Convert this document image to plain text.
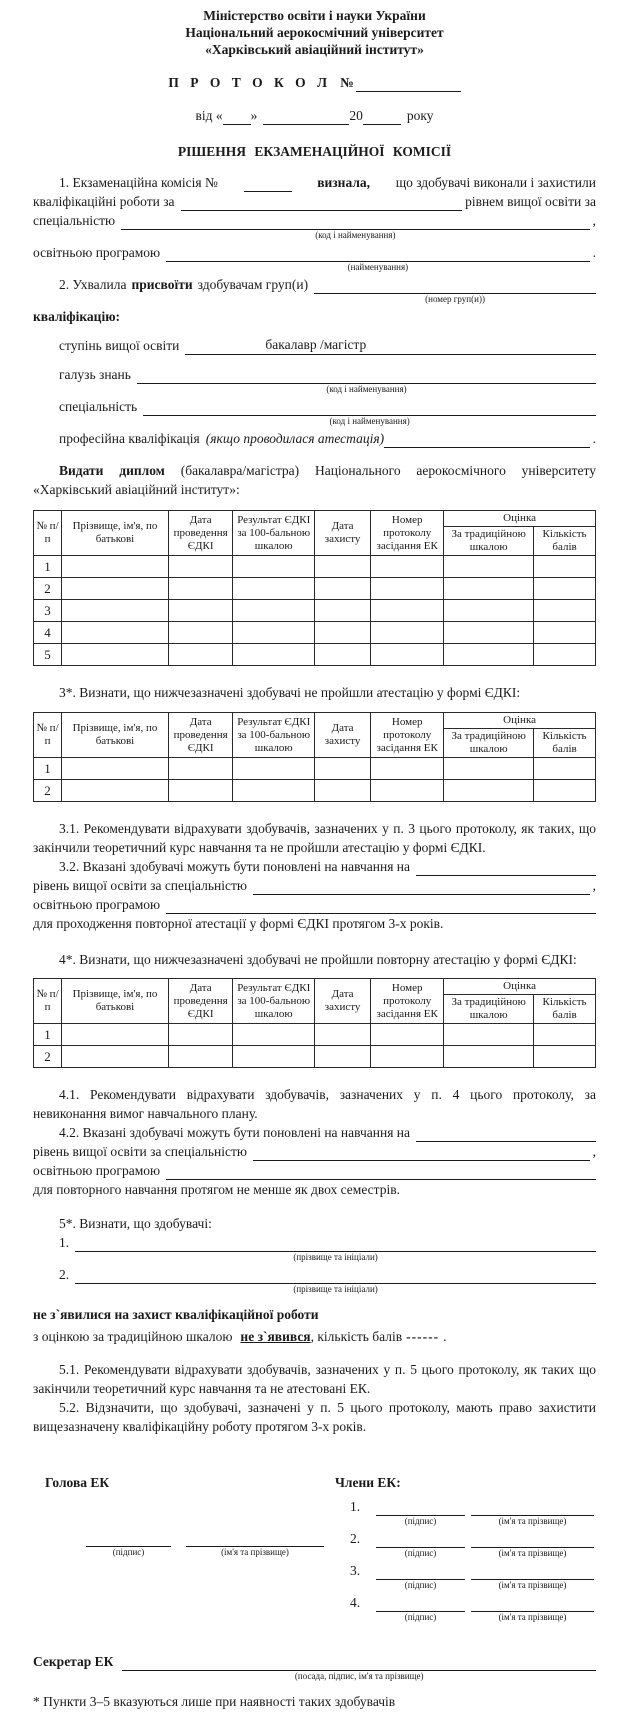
Міністерство освіти і науки України
Національний аерокосмічний університет
«Харківський авіаційний інститут»
П Р О Т О К О Л №
від « »	20	року
РІШЕННЯ ЕКЗАМЕНАЦІЙНОЇ КОМІСІЇ
1. Екзаменаційна комісія №	визнала, що здобувачі виконали і захистили
кваліфікаційні роботи за	рівнем вищої освіти за
спеціальністю
(код і найменування)
,
освітньою програмою
(найменування)
.
2. Ухвалила присвоїти здобувачам груп(и)
(номер груп(и))

кваліфікацію:

ступінь вищої освіти	бакалавр /магістр
галузь знань
(код і найменування)
спеціальність
(код і найменування)
професійна кваліфікація (якщо проводилася атестація)	.

Видати диплом (бакалавра/магістра) Національного аерокосмічного університету «Харківський авіаційний інститут»:

№ п/п	Прізвище, ім'я, по батькові	Дата проведення ЄДКІ	Результат ЄДКІ за 100-бальною шкалою	Дата захисту	Номер протоколу засідання ЕК	Оцінка	
						За традиційною шкалою	Кількість балів
1							
2							
3							
4							
5							

3*. Визнати, що нижчезазначені здобувачі не пройшли атестацію у формі ЄДКІ:

№ п/п	Прізвище, ім'я, по батькові	Дата проведення ЄДКІ	Результат ЄДКІ за 100-бальною шкалою	Дата захисту	Номер протоколу засідання ЕК	Оцінка	
						За традиційною шкалою	Кількість балів
1							
2							

3.1. Рекомендувати відрахувати здобувачів, зазначених у п. 3 цього протоколу, як таких, що закінчили теоретичний курс навчання та не пройшли атестацію у формі ЄДКІ.

3.2. Вказані здобувачі можуть бути поновлені на навчання на
рівень вищої освіти за спеціальністю	,
освітньою програмою

для проходження повторної атестації у формі ЄДКІ протягом 3-х років.

4*. Визнати, що нижчезазначені здобувачі не пройшли повторну атестацію у формі ЄДКІ:

№ п/п	Прізвище, ім'я, по батькові	Дата проведення ЄДКІ	Результат ЄДКІ за 100-бальною шкалою	Дата захисту	Номер протоколу засідання ЕК	Оцінка	
						За традиційною шкалою	Кількість балів
1							
2							

4.1. Рекомендувати відрахувати здобувачів, зазначених у п. 4 цього протоколу, за невиконання вимог навчального плану.

4.2. Вказані здобувачі можуть бути поновлені на навчання на
рівень вищої освіти за спеціальністю	,
освітньою програмою

для повторного навчання протягом не менше як двох семестрів.

5*. Визнати, що здобувачі:

1.
(прізвище та ініціали)
2.
(прізвище та ініціали)

не з`явилися на захист кваліфікаційної роботи

з оцінкою за традиційною шкалою не з`явився, кількість балів ------ .

5.1. Рекомендувати відрахувати здобувачів, зазначених у п. 5 цього протоколу, як таких що закінчили теоретичний курс навчання та не атестовані ЕК.

5.2. Відзначити, що здобувачі, зазначені у п. 5 цього протоколу, мають право захистити вищезазначену кваліфікаційну роботу протягом 3-х років.

Голова ЕК
(підпис)	(ім'я та прізвище)
Члени ЕК:
1.
(підпис)	(ім'я та прізвище)
2.
(підпис)	(ім'я та прізвище)
3.
(підпис)	(ім'я та прізвище)
4.
(підпис)	(ім'я та прізвище)
Секретар ЕК
(посада, підпис, ім'я та прізвище)

* Пункти 3–5 вказуються лише при наявності таких здобувачів
